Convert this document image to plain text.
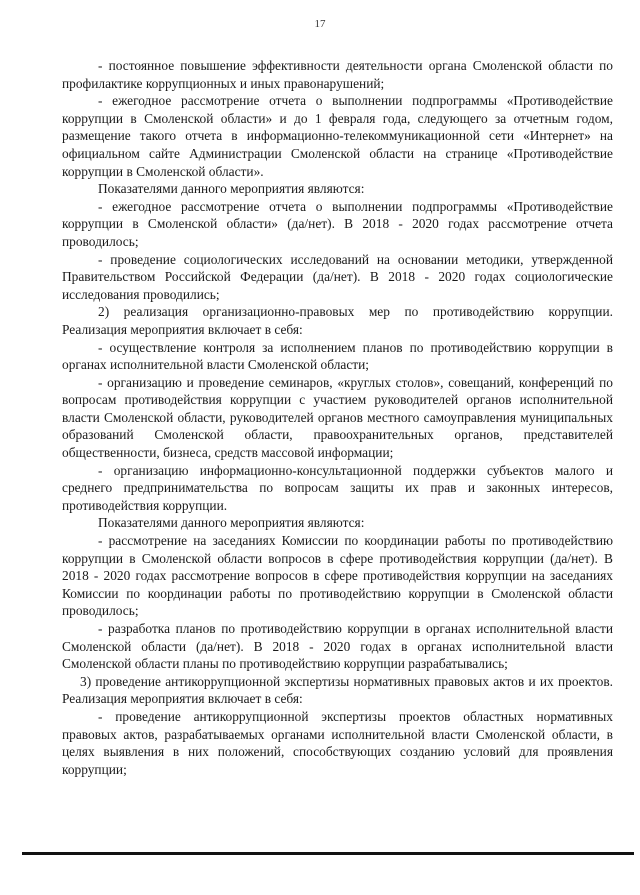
17

- постоянное повышение эффективности деятельности органа Смоленской области по профилактике коррупционных и иных правонарушений;

- ежегодное рассмотрение отчета о выполнении подпрограммы «Противодействие коррупции в Смоленской области» и до 1 февраля года, следующего за отчетным годом, размещение такого отчета в информационно-телекоммуникационной сети «Интернет» на официальном сайте Администрации Смоленской области на странице «Противодействие коррупции в Смоленской области».

Показателями данного мероприятия являются:

- ежегодное рассмотрение отчета о выполнении подпрограммы «Противодействие коррупции в Смоленской области» (да/нет). В 2018 - 2020 годах рассмотрение отчета проводилось;

- проведение социологических исследований на основании методики, утвержденной Правительством Российской Федерации (да/нет). В 2018 - 2020 годах социологические исследования проводились;

2) реализация организационно-правовых мер по противодействию коррупции. Реализация мероприятия включает в себя:

- осуществление контроля за исполнением планов по противодействию коррупции в органах исполнительной власти Смоленской области;

- организацию и проведение семинаров, «круглых столов», совещаний, конференций по вопросам противодействия коррупции с участием руководителей органов исполнительной власти Смоленской области, руководителей органов местного самоуправления муниципальных образований Смоленской области, правоохранительных органов, представителей общественности, бизнеса, средств массовой информации;

- организацию информационно-консультационной поддержки субъектов малого и среднего предпринимательства по вопросам защиты их прав и законных интересов, противодействия коррупции.

Показателями данного мероприятия являются:

- рассмотрение на заседаниях Комиссии по координации работы по противодействию коррупции в Смоленской области вопросов в сфере противодействия коррупции (да/нет). В 2018 - 2020 годах рассмотрение вопросов в сфере противодействия коррупции на заседаниях Комиссии по координации работы по противодействию коррупции в Смоленской области проводилось;

- разработка планов по противодействию коррупции в органах исполнительной власти Смоленской области (да/нет). В 2018 - 2020 годах в органах исполнительной власти Смоленской области планы по противодействию коррупции разрабатывались;

3) проведение антикоррупционной экспертизы нормативных правовых актов и их проектов. Реализация мероприятия включает в себя:

- проведение антикоррупционной экспертизы проектов областных нормативных правовых актов, разрабатываемых органами исполнительной власти Смоленской области, в целях выявления в них положений, способствующих созданию условий для проявления коррупции;
